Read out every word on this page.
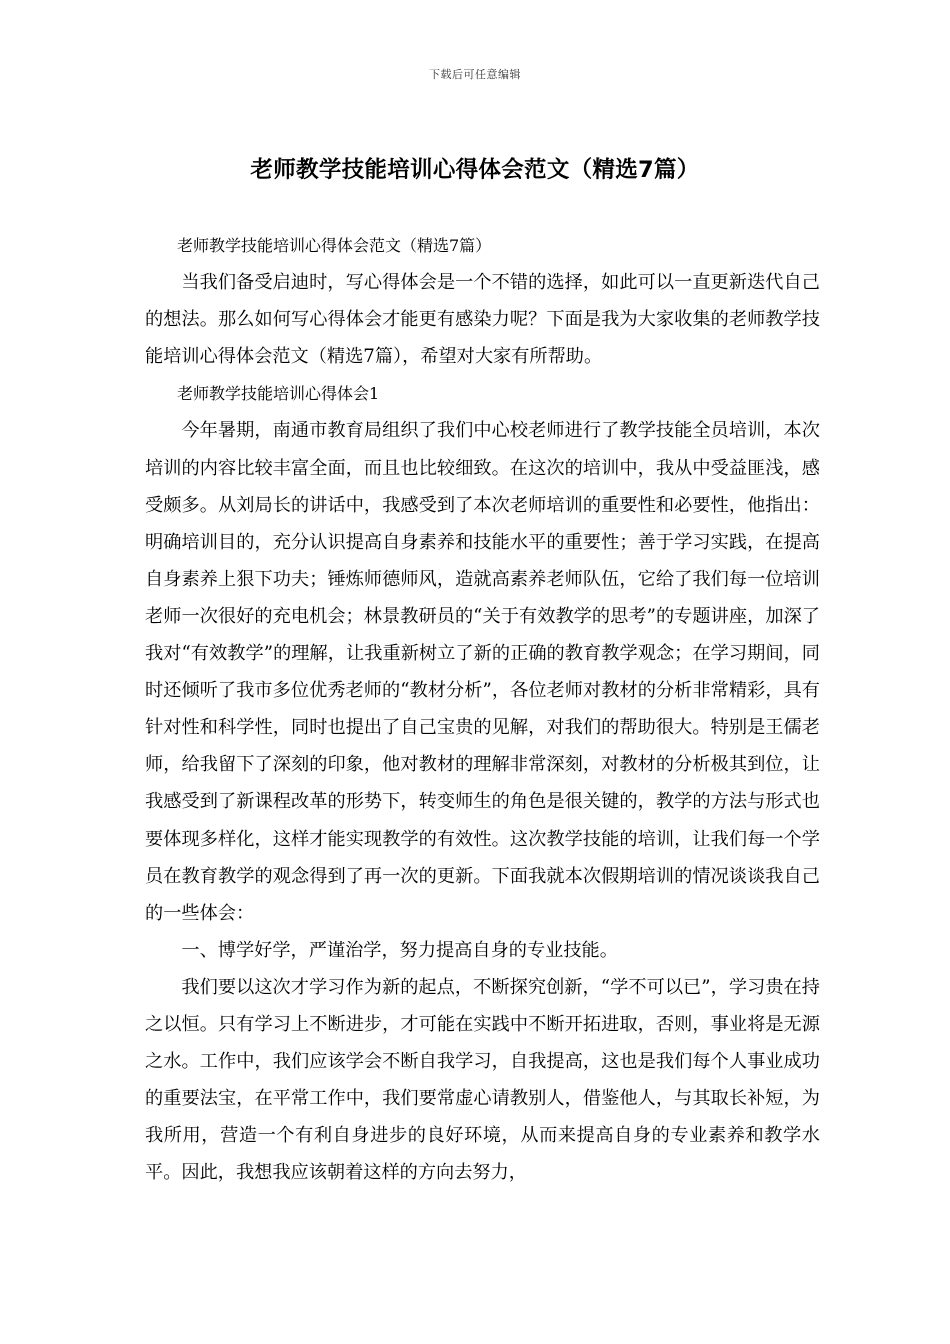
下载后可任意编辑
老师教学技能培训心得体会范文（精选7篇）

老师教学技能培训心得体会范文（精选7篇）

当我们备受启迪时，写心得体会是一个不错的选择，如此可以一直更新迭代自己的想法。那么如何写心得体会才能更有感染力呢？下面是我为大家收集的老师教学技能培训心得体会范文（精选7篇），希望对大家有所帮助。

老师教学技能培训心得体会1

今年暑期，南通市教育局组织了我们中心校老师进行了教学技能全员培训，本次培训的内容比较丰富全面，而且也比较细致。在这次的培训中，我从中受益匪浅，感受颇多。从刘局长的讲话中，我感受到了本次老师培训的重要性和必要性，他指出：明确培训目的，充分认识提高自身素养和技能水平的重要性；善于学习实践，在提高自身素养上狠下功夫；锤炼师德师风，造就高素养老师队伍，它给了我们每一位培训老师一次很好的充电机会；林景教研员的“关于有效教学的思考”的专题讲座，加深了我对“有效教学”的理解，让我重新树立了新的正确的教育教学观念；在学习期间，同时还倾听了我市多位优秀老师的“教材分析”，各位老师对教材的分析非常精彩，具有针对性和科学性，同时也提出了自己宝贵的见解，对我们的帮助很大。特别是王儒老师，给我留下了深刻的印象，他对教材的理解非常深刻，对教材的分析极其到位，让我感受到了新课程改革的形势下，转变师生的角色是很关键的，教学的方法与形式也要体现多样化，这样才能实现教学的有效性。这次教学技能的培训，让我们每一个学员在教育教学的观念得到了再一次的更新。下面我就本次假期培训的情况谈谈我自己的一些体会：

一、博学好学，严谨治学，努力提高自身的专业技能。

我们要以这次才学习作为新的起点，不断探究创新，“学不可以已”，学习贵在持之以恒。只有学习上不断进步，才可能在实践中不断开拓进取，否则，事业将是无源之水。工作中，我们应该学会不断自我学习，自我提高，这也是我们每个人事业成功的重要法宝，在平常工作中，我们要常虚心请教别人，借鉴他人，与其取长补短，为我所用，营造一个有利自身进步的良好环境，从而来提高自身的专业素养和教学水平。因此，我想我应该朝着这样的方向去努力，
